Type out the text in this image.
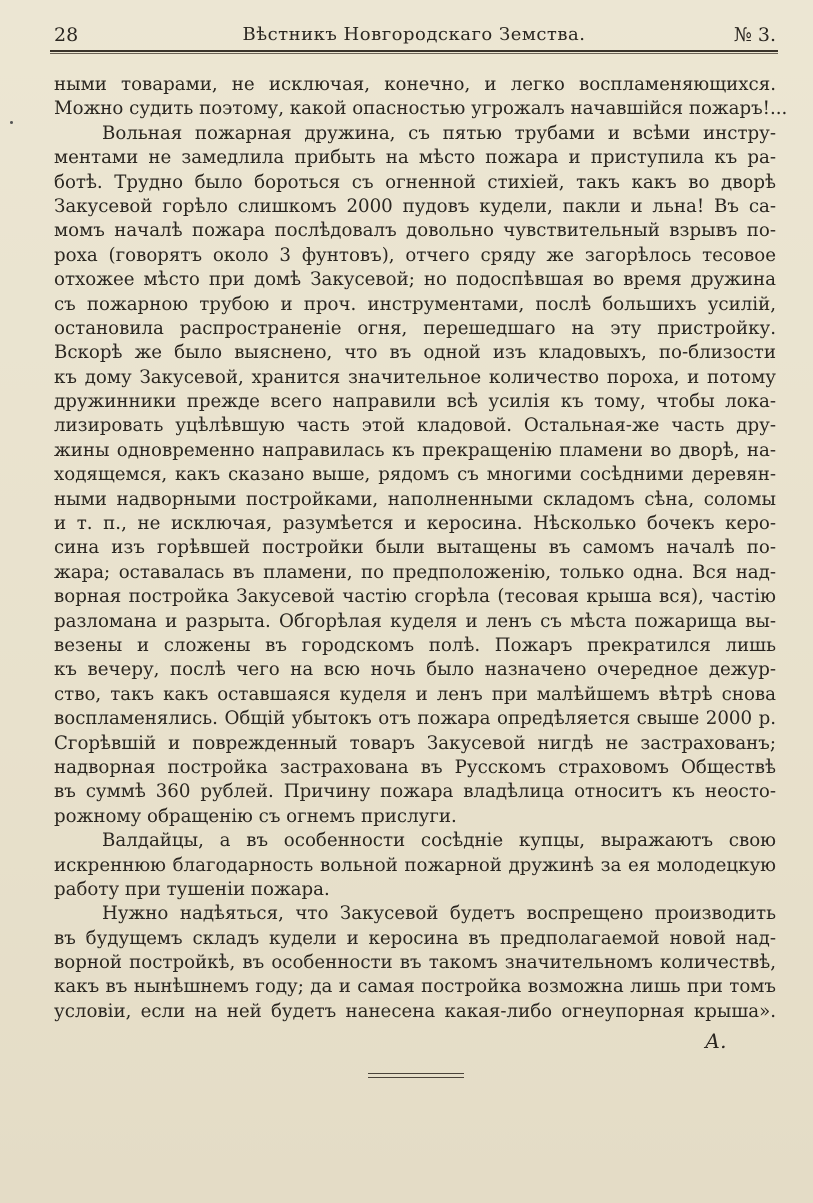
28	Вѣстникъ Новгородскаго Земства.	№ 3.
ными товарами, не исключая, конечно, и легко воспламеняющихся.
Можно судить поэтому, какой опасностью угрожалъ начавшійся пожаръ!...
Вольная пожарная дружина, съ пятью трубами и всѣми инстру-
ментами не замедлила прибыть на мѣсто пожара и приступила къ ра-
ботѣ. Трудно было бороться съ огненной стихіей, такъ какъ во дворѣ
Закусевой горѣло слишкомъ 2000 пудовъ кудели, пакли и льна! Въ са-
момъ началѣ пожара послѣдовалъ довольно чувствительный взрывъ по-
роха (говорятъ около 3 фунтовъ), отчего сряду же загорѣлось тесовое
отхожее мѣсто при домѣ Закусевой; но подоспѣвшая во время дружина
съ пожарною трубою и проч. инструментами, послѣ большихъ усилій,
остановила распространеніе огня, перешедшаго на эту пристройку.
Вскорѣ же было выяснено, что въ одной изъ кладовыхъ, по-близости
къ дому Закусевой, хранится значительное количество пороха, и потому
дружинники прежде всего направили всѣ усилія къ тому, чтобы лока-
лизировать уцѣлѣвшую часть этой кладовой. Остальная-же часть дру-
жины одновременно направилась къ прекращенію пламени во дворѣ, на-
ходящемся, какъ сказано выше, рядомъ съ многими сосѣдними деревян-
ными надворными постройками, наполненными складомъ сѣна, соломы
и т. п., не исключая, разумѣется и керосина. Нѣсколько бочекъ керо-
сина изъ горѣвшей постройки были вытащены въ самомъ началѣ по-
жара; оставалась въ пламени, по предположенію, только одна. Вся над-
ворная постройка Закусевой частію сгорѣла (тесовая крыша вся), частію
разломана и разрыта. Обгорѣлая куделя и ленъ съ мѣста пожарища вы-
везены и сложены въ городскомъ полѣ. Пожаръ прекратился лишь
къ вечеру, послѣ чего на всю ночь было назначено очередное дежур-
ство, такъ какъ оставшаяся куделя и ленъ при малѣйшемъ вѣтрѣ снова
воспламенялись. Общій убытокъ отъ пожара опредѣляется свыше 2000 р.
Сгорѣвшій и поврежденный товаръ Закусевой нигдѣ не застрахованъ;
надворная постройка застрахована въ Русскомъ страховомъ Обществѣ
въ суммѣ 360 рублей. Причину пожара владѣлица относитъ къ неосто-
рожному обращенію съ огнемъ прислуги.
Валдайцы, а въ особенности сосѣдніе купцы, выражаютъ свою
искреннюю благодарность вольной пожарной дружинѣ за ея молодецкую
работу при тушеніи пожара.
Нужно надѣяться, что Закусевой будетъ воспрещено производить
въ будущемъ складъ кудели и керосина въ предполагаемой новой над-
ворной постройкѣ, въ особенности въ такомъ значительномъ количествѣ,
какъ въ нынѣшнемъ году; да и самая постройка возможна лишь при томъ
условіи, если на ней будетъ нанесена какая-либо огнеупорная крыша».
А.
